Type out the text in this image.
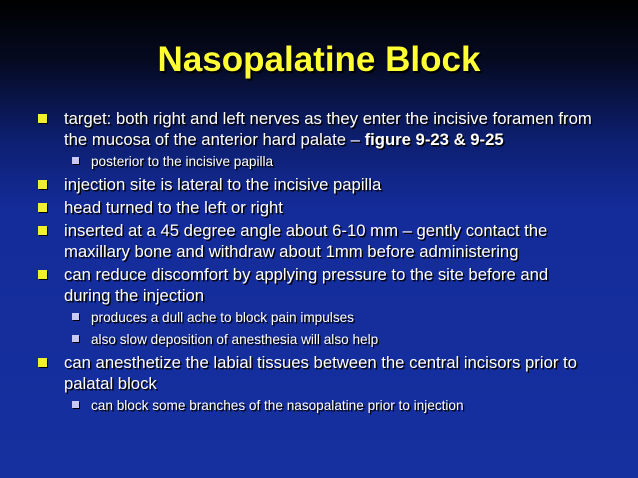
Nasopalatine Block
target: both right and left nerves as they enter the incisive foramen from the mucosa of the anterior hard palate – figure 9-23 & 9-25
posterior to the incisive papilla
injection site is lateral to the incisive papilla
head turned to the left or right
inserted at a 45 degree angle about 6-10 mm – gently contact the maxillary bone and withdraw about 1mm before administering
can reduce discomfort by applying pressure to the site before and during the injection
produces a dull ache to block pain impulses
also slow deposition of anesthesia will also help
can anesthetize the labial tissues between the central incisors prior to palatal block
can block some branches of the nasopalatine prior to injection
